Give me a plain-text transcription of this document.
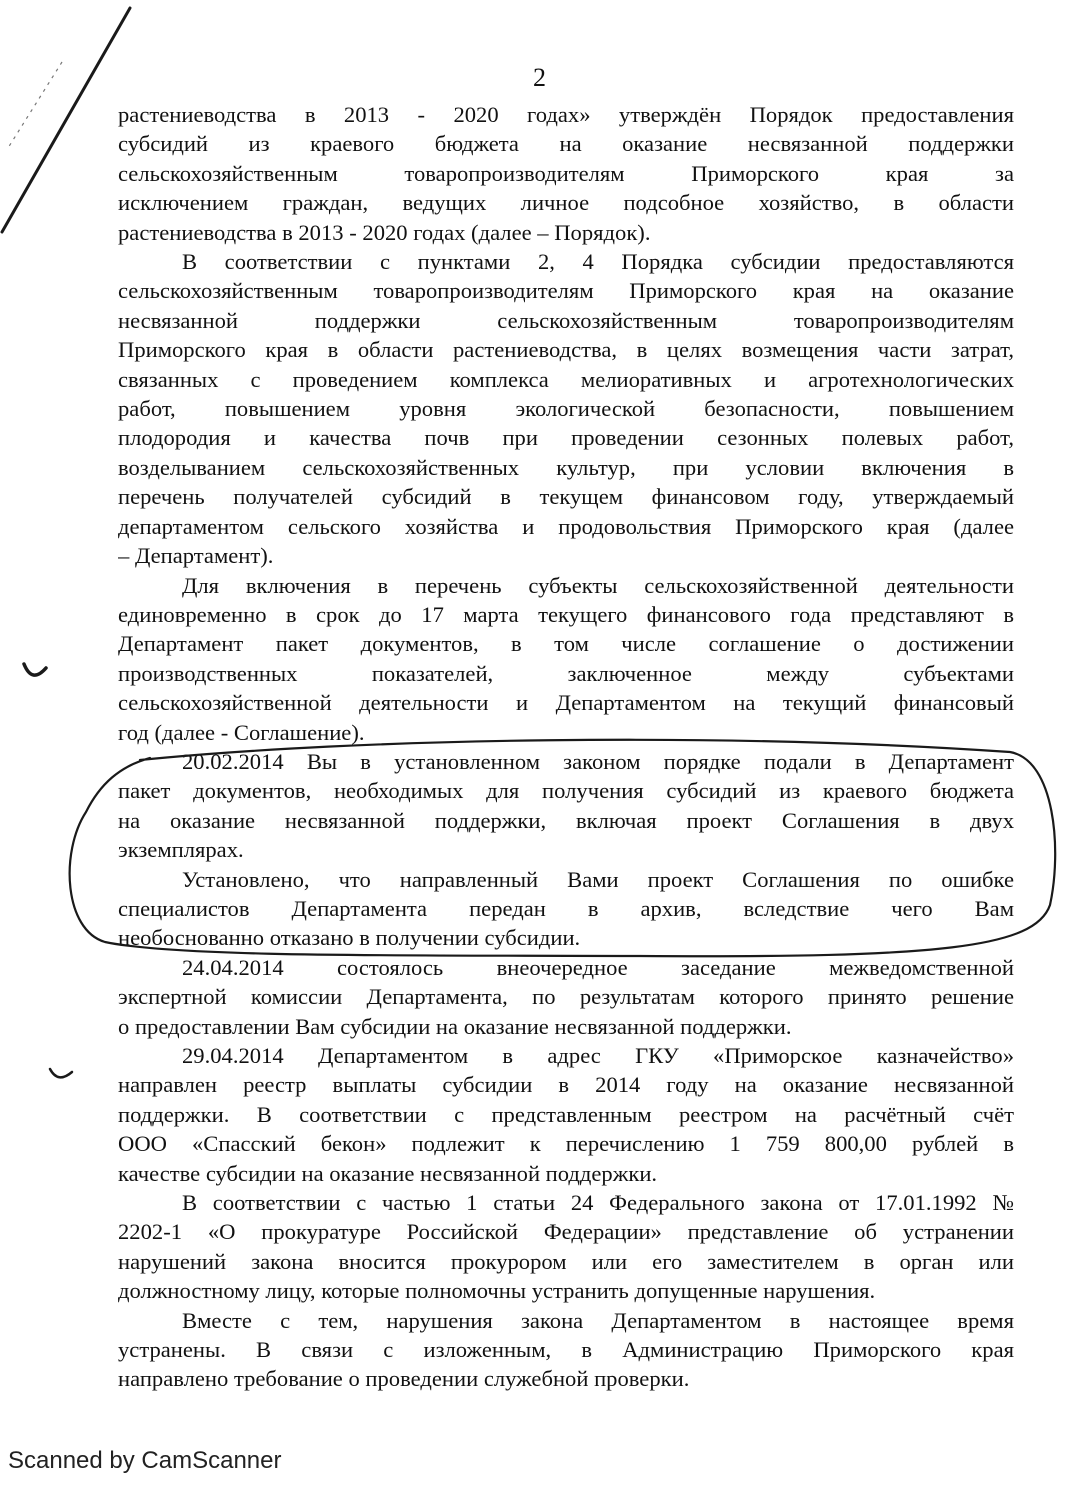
2

растениеводства в 2013 - 2020 годах» утверждён Порядок предоставления
субсидий из краевого бюджета на оказание несвязанной поддержки
сельскохозяйственным товаропроизводителям Приморского края за
исключением граждан, ведущих личное подсобное хозяйство, в области
растениеводства в 2013 - 2020 годах (далее – Порядок).

В соответствии с пунктами 2, 4 Порядка субсидии предоставляются
сельскохозяйственным товаропроизводителям Приморского края на оказание
несвязанной поддержки сельскохозяйственным товаропроизводителям
Приморского края в области растениеводства, в целях возмещения части затрат,
связанных с проведением комплекса мелиоративных и агротехнологических
работ, повышением уровня экологической безопасности, повышением
плодородия и качества почв при проведении сезонных полевых работ,
возделыванием сельскохозяйственных культур, при условии включения в
перечень получателей субсидий в текущем финансовом году, утверждаемый
департаментом сельского хозяйства и продовольствия Приморского края (далее
– Департамент).

Для включения в перечень субъекты сельскохозяйственной деятельности
единовременно в срок до 17 марта текущего финансового года представляют в
Департамент пакет документов, в том числе соглашение о достижении
производственных показателей, заключенное между субъектами
сельскохозяйственной деятельности и Департаментом на текущий финансовый
год (далее - Соглашение).

20.02.2014 Вы в установленном законом порядке подали в Департамент
пакет документов, необходимых для получения субсидий из краевого бюджета
на оказание несвязанной поддержки, включая проект Соглашения в двух
экземплярах.

Установлено, что направленный Вами проект Соглашения по ошибке
специалистов Департамента передан в архив, вследствие чего Вам
необоснованно отказано в получении субсидии.

24.04.2014 состоялось внеочередное заседание межведомственной
экспертной комиссии Департамента, по результатам которого принято решение
о предоставлении Вам субсидии на оказание несвязанной поддержки.

29.04.2014 Департаментом в адрес ГКУ «Приморское казначейство»
направлен реестр выплаты субсидии в 2014 году на оказание несвязанной
поддержки. В соответствии с представленным реестром на расчётный счёт
ООО «Спасский бекон» подлежит к перечислению 1 759 800,00 рублей в
качестве субсидии на оказание несвязанной поддержки.

В соответствии с частью 1 статьи 24 Федерального закона от 17.01.1992 №
2202-1 «О прокуратуре Российской Федерации» представление об устранении
нарушений закона вносится прокурором или его заместителем в орган или
должностному лицу, которые полномочны устранить допущенные нарушения.

Вместе с тем, нарушения закона Департаментом в настоящее время
устранены. В связи с изложенным, в Администрацию Приморского края
направлено требование о проведении служебной проверки.

Scanned by CamScanner
